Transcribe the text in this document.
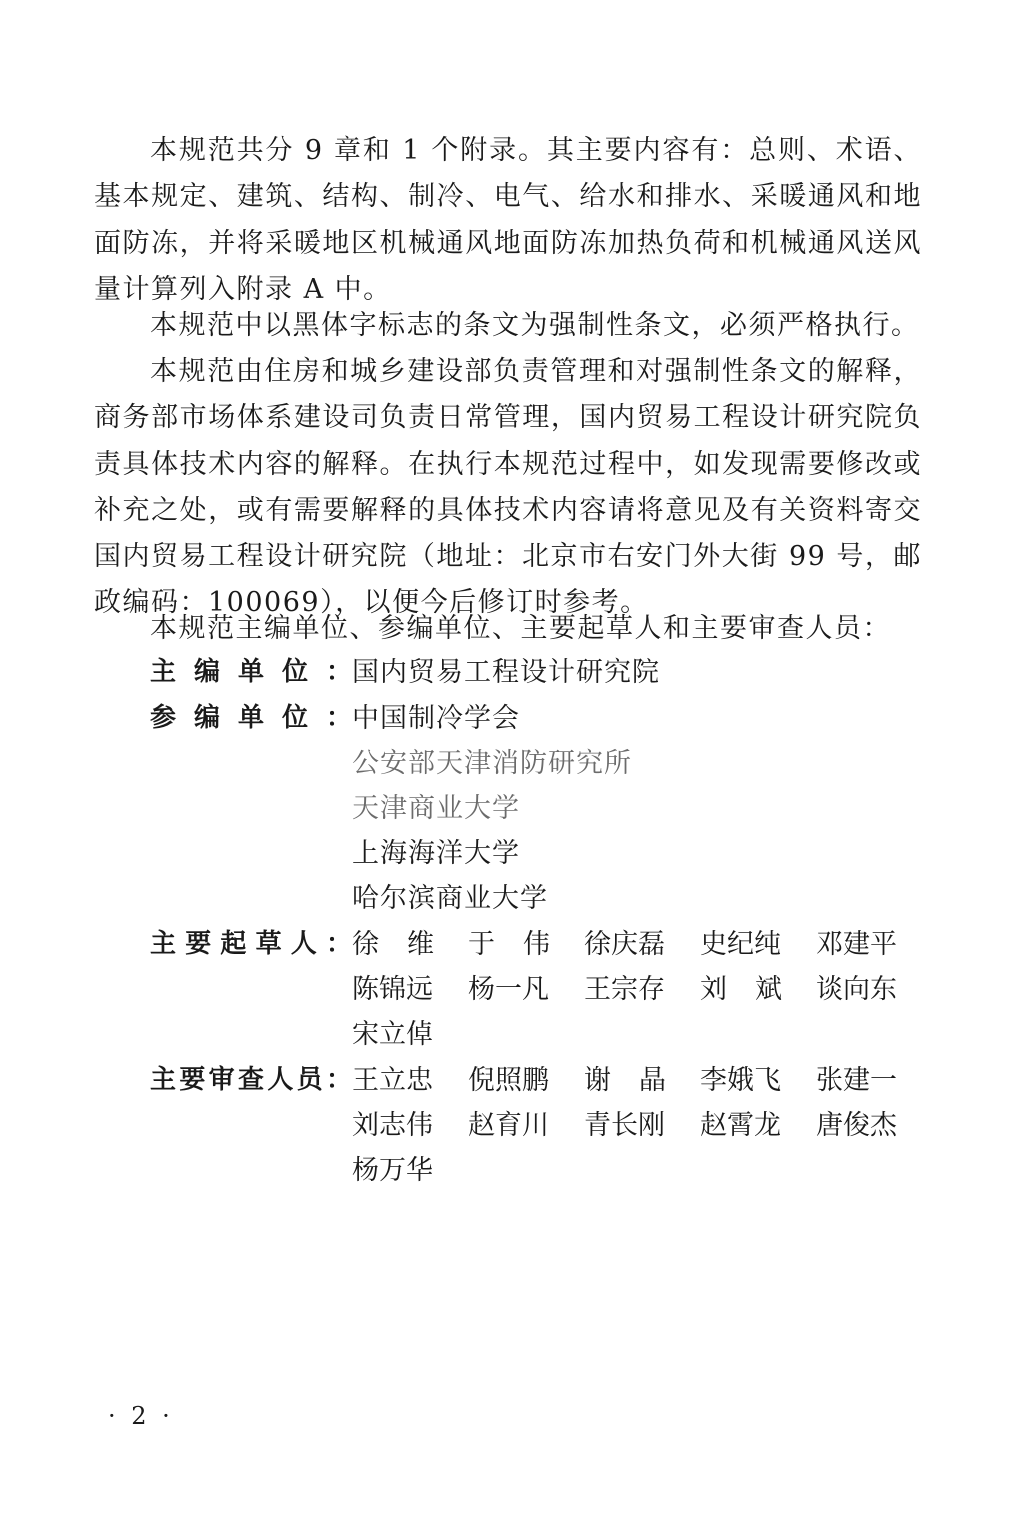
本规范共分 9 章和 1 个附录。其主要内容有：总则、术语、基本规定、建筑、结构、制冷、电气、给水和排水、采暖通风和地面防冻，并将采暖地区机械通风地面防冻加热负荷和机械通风送风量计算列入附录 A 中。

本规范中以黑体字标志的条文为强制性条文，必须严格执行。

本规范由住房和城乡建设部负责管理和对强制性条文的解释，商务部市场体系建设司负责日常管理，国内贸易工程设计研究院负责具体技术内容的解释。在执行本规范过程中，如发现需要修改或补充之处，或有需要解释的具体技术内容请将意见及有关资料寄交国内贸易工程设计研究院（地址：北京市右安门外大街 99 号，邮政编码：100069），以便今后修订时参考。

本规范主编单位、参编单位、主要起草人和主要审查人员：

主 编 单 位 ： 国内贸易工程设计研究院
参 编 单 位 ： 中国制冷学会
公安部天津消防研究所
天津商业大学
上海海洋大学
哈尔滨商业大学
主 要 起 草 人 ： 徐维 于伟 徐庆磊	史纪纯	邓建平
陈锦远	杨一凡	王宗存	刘斌 谈向东
宋立倬
主 要 审 查 人 员 ： 王立忠	倪照鹏	谢晶 李娥飞	张建一
刘志伟	赵育川	青长刚	赵霄龙	唐俊杰
杨万华
· 2 ·
